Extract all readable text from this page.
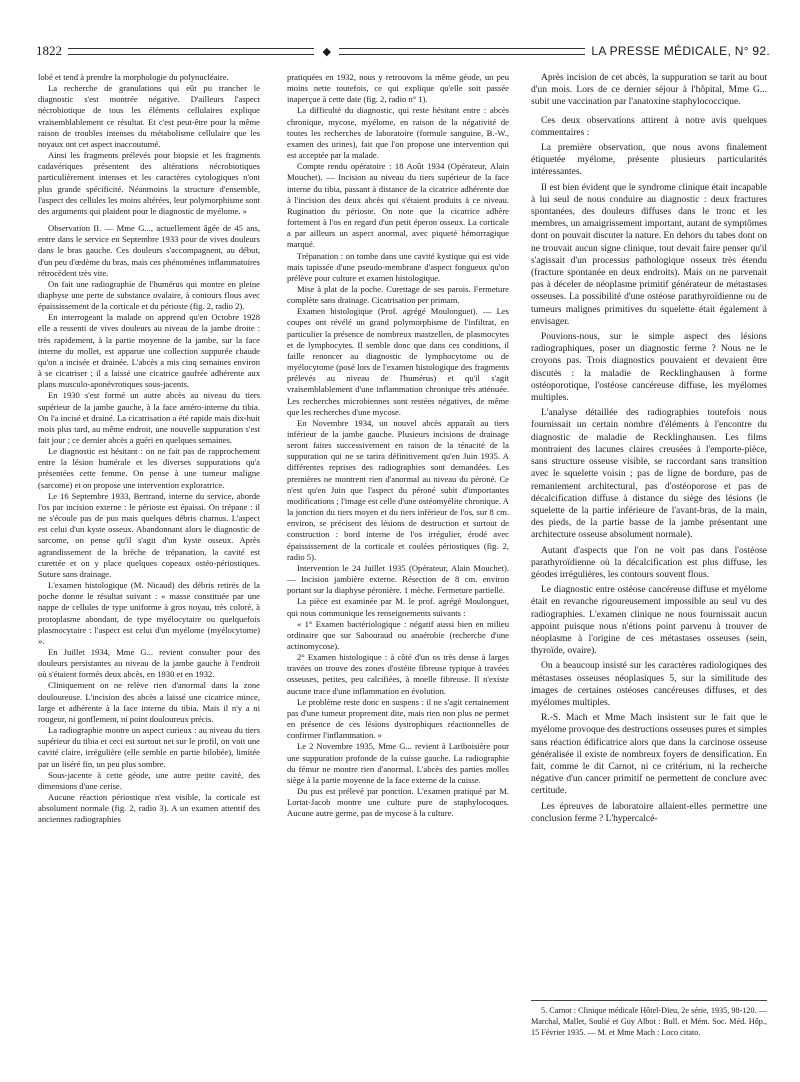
1822	◆	LA PRESSE MÉDICALE, N° 92.

lobé et tend à prendre la morphologie du polynucléaire.

La recherche de granulations qui eût pu trancher le diagnostic s'est montrée négative. D'ailleurs l'aspect nécrobiotique de tous les éléments cellulaires explique vraisemblablement ce résultat. Et c'est peut-être pour la même raison de troubles intenses du métabolisme cellulaire que les noyaux ont cet aspect inaccoutumé.

Ainsi les fragments prélevés pour biopsie et les fragments cadavériques présentent des altérations nécrobiotiques particulièrement intenses et les caractères cytologiques n'ont plus grande spécificité. Néanmoins la structure d'ensemble, l'aspect des cellules les moins altérées, leur polymorphisme sont des arguments qui plaident pour le diagnostic de myélome. »

Observation II. — Mme G..., actuellement âgée de 45 ans, entre dans le service en Septembre 1933 pour de vives douleurs dans le bras gauche. Ces douleurs s'accompagnent, au début, d'un peu d'œdème du bras, mais ces phénomènes inflammatoires rétrocèdent très vite.

On fait une radiographie de l'humérus qui montre en pleine diaphyse une perte de substance ovalaire, à contours flous avec épaississement de la corticale et du périoste (fig. 2, radio 2).

En interrogeant la malade on apprend qu'en Octobre 1928 elle a ressenti de vives douleurs au niveau de la jambe droite : très rapidement, à la partie moyenne de la jambe, sur la face interne du mollet, est apparue une collection suppurée chaude qu'on a incisée et drainée. L'abcès a mis cinq semaines environ à se cicatriser ; il a laissé une cicatrice gaufrée adhérente aux plans musculo-aponévrotiques sous-jacents.

En 1930 s'est formé un autre abcès au niveau du tiers supérieur de la jambe gauche, à la face antéro-interne du tibia. On l'a incisé et drainé. La cicatrisation a été rapide mais dix-huit mois plus tard, au même endroit, une nouvelle suppuration s'est fait jour ; ce dernier abcès a guéri en quelques semaines.

Le diagnostic est hésitant : on ne fait pas de rapprochement entre la lésion humérale et les diverses suppurations qu'a présentées cette femme. On pense à une tumeur maligne (sarcome) et on propose une intervention exploratrice.

Le 16 Septembre 1933, Bertrand, interne du service, aborde l'os par incision externe : le périoste est épaissi. On trépane : il ne s'écoule pas de pus mais quelques débris charnus. L'aspect est celui d'un kyste osseux. Abandonnant alors le diagnostic de sarcome, on pense qu'il s'agit d'un kyste osseux. Après agrandissement de la brèche de trépanation, la cavité est curettée et on y place quelques copeaux ostéo-périostiques. Suture sans drainage.

L'examen histologique (M. Nicaud) des débris retirés de la poche donne le résultat suivant : « masse constituée par une nappe de cellules de type uniforme à gros noyau, très coloré, à protoplasme abondant, de type myélocytaire ou quelquefois plasmocytaire : l'aspect est celui d'un myélome (myélocytome) ».

En Juillet 1934, Mme G... revient consulter pour des douleurs persistantes au niveau de la jambe gauche à l'endroit où s'étaient formés deux abcès, en 1930 et en 1932.

Cliniquement on ne relève rien d'anormal dans la zone douloureuse. L'incision des abcès a laissé une cicatrice mince, large et adhérente à la face interne du tibia. Mais il n'y a ni rougeur, ni gonflement, ni point douloureux précis.

La radiographie montre un aspect curieux : au niveau du tiers supérieur du tibia et ceci est surtout net sur le profil, on voit une cavité claire, irrégulière (elle semble en partie bilobée), limitée par un liséré fin, un peu plus sombre.

Sous-jacente à cette géode, une autre petite cavité, des dimensions d'une cerise.

Aucune réaction périostique n'est visible, la corticale est absolument normale (fig. 2, radio 3). A un examen attentif des anciennes radiographies

pratiquées en 1932, nous y retrouvons la même géode, un peu moins nette toutefois, ce qui explique qu'elle soit passée inaperçue à cette date (fig. 2, radio n° 1).

La difficulté du diagnostic, qui reste hésitant entre : abcès chronique, mycose, myélome, en raison de la négativité de toutes les recherches de laboratoire (formule sanguine, B.-W., examen des urines), fait que l'on propose une intervention qui est acceptée par la malade.

Compte rendu opératoire : 18 Août 1934 (Opérateur, Alain Mouchet). — Incision au niveau du tiers supérieur de la face interne du tibia, passant à distance de la cicatrice adhérente due à l'incision des deux abcès qui s'étaient produits à ce niveau. Rugination du périoste. On note que la cicatrice adhère fortement à l'os en regard d'un petit éperon osseux. La corticale a par ailleurs un aspect anormal, avec piqueté hémorragique marqué.

Trépanation : on tombe dans une cavité kystique qui est vide mais tapissée d'une pseudo-membrane d'aspect fongueux qu'on prélève pour culture et examen histologique.

Mise à plat de la poche. Curettage de ses parois. Fermeture complète sans drainage. Cicatrisation per primam.

Examen histologique (Prof. agrégé Moulonguet). — Les coupes ont révélé un grand polymorphisme de l'infiltrat, en particulier la présence de nombreux mastzellen, de plasmocytes et de lymphocytes. Il semble donc que dans ces conditions, il faille renoncer au diagnostic de lymphocytome ou de myélocytome (posé lors de l'examen histologique des fragments prélevés au niveau de l'humérus) et qu'il s'agit vraisemblablement d'une inflammation chronique très atténuée. Les recherches microbiennes sont restées négatives, de même que les recherches d'une mycose.

En Novembre 1934, un nouvel abcès apparaît au tiers inférieur de la jambe gauche. Plusieurs incisions de drainage seront faites successivement en raison de la ténacité de la suppuration qui ne se tarira définitivement qu'en Juin 1935. A différentes reprises des radiographies sont demandées. Les premières ne montrent rien d'anormal au niveau du péroné. Ce n'est qu'en Juin que l'aspect du péroné subit d'importantes modifications ; l'image est celle d'une ostéomyélite chronique. A la jonction du tiers moyen et du tiers inférieur de l'os, sur 8 cm. environ, se précisent des lésions de destruction et surtout de construction : bord interne de l'os irrégulier, érodé avec épaississement de la corticale et coulées périostiques (fig. 2, radio 5).

Intervention le 24 Juillet 1935 (Opérateur, Alain Mouchet). — Incision jambière externe. Résection de 8 cm. environ portant sur la diaphyse péronière. 1 mèche. Fermeture partielle.

La pièce est examinée par M. le prof. agrégé Moulonguet, qui nous communique les renseignements suivants :

« 1° Examen bactériologique : négatif aussi bien en milieu ordinaire que sur Sabouraud ou anaérobie (recherche d'une actinomycose).

2° Examen histologique : à côté d'un os très dense à larges travées on trouve des zones d'ostéite fibreuse typique à travées osseuses, petites, peu calcifiées, à moelle fibreuse. Il n'existe aucune trace d'une inflammation en évolution.

Le problème reste donc en suspens : il ne s'agit certainement pas d'une tumeur proprement dite, mais rien non plus ne permet en présence de ces lésions dystrophiques réactionnelles de confirmer l'inflammation. »

Le 2 Novembre 1935, Mme G... revient à Lariboisière pour une suppuration profonde de la cuisse gauche. La radiographie du fémur ne montre rien d'anormal. L'abcès des parties molles siège à la partie moyenne de la face externe de la cuisse.

Du pus est prélevé par ponction. L'examen pratiqué par M. Lortat-Jacob montre une culture pure de staphylocoques. Aucune autre germe, pas de mycose à la culture.

Après incision de cet abcès, la suppuration se tarit au bout d'un mois. Lors de ce dernier séjour à l'hôpital, Mme G... subit une vaccination par l'anatoxine staphylococcique.

Ces deux observations attirent à notre avis quelques commentaires :

La première observation, que nous avons finalement étiquetée myélome, présente plusieurs particularités intéressantes.

Il est bien évident que le syndrome clinique était incapable à lui seul de nous conduire au diagnostic : deux fractures spontanées, des douleurs diffuses dans le tronc et les membres, un amaigrissement important, autant de symptômes dont on pouvait discuter la nature. En dehors du tabes dont on ne trouvait aucun signe clinique, tout devait faire penser qu'il s'agissait d'un processus pathologique osseux très étendu (fracture spontanée en deux endroits). Mais on ne parvenait pas à déceler de néoplasme primitif générateur de métastases osseuses. La possibilité d'une ostéose parathyroïdienne ou de tumeurs malignes primitives du squelette était également à envisager.

Pouvions-nous, sur le simple aspect des lésions radiographiques, poser un diagnostic ferme ? Nous ne le croyons pas. Trois diagnostics pouvaient et devaient être discutés : la maladie de Recklinghausen à forme ostéoporotique, l'ostéose cancéreuse diffuse, les myélomes multiples.

L'analyse détaillée des radiographies toutefois nous fournissait un certain nombre d'éléments à l'encontre du diagnostic de maladie de Recklinghausen. Les films montraient des lacunes claires creusées à l'emporte-pièce, sans structure osseuse visible, se raccordant sans transition avec le squelette voisin ; pas de ligne de bordure, pas de remaniement architectural, pas d'ostéoporose et pas de décalcification diffuse à distance du siège des lésions (le squelette de la partie inférieure de l'avant-bras, de la main, des pieds, de la partie basse de la jambe présentant une architecture osseuse absolument normale).

Autant d'aspects que l'on ne voit pas dans l'ostéose parathyroïdienne où la décalcification est plus diffuse, les géodes irrégulières, les contours souvent flous.

Le diagnostic entre ostéose cancéreuse diffuse et myélome était en revanche rigoureusement impossible au seul vu des radiographies. L'examen clinique ne nous fournissait aucun appoint puisque nous n'étions point parvenu à trouver de néoplasme à l'origine de ces métastases osseuses (sein, thyroïde, ovaire).

On a beaucoup insisté sur les caractères radiologiques des métastases osseuses néoplasiques 5, sur la similitude des images de certaines ostéoses cancéreuses diffuses, et des myélomes multiples.

R.-S. Mach et Mme Mach insistent sur le fait que le myélome provoque des destructions osseuses pures et simples sans réaction édificatrice alors que dans la carcinose osseuse généralisée il existe de nombreux foyers de densification. En fait, comme le dit Carnot, ni ce critérium, ni la recherche négative d'un cancer primitif ne permettent de conclure avec certitude.

Les épreuves de laboratoire allaient-elles permettre une conclusion ferme ? L'hypercalcé-

5. Carnot : Clinique médicale Hôtel-Dieu, 2e série, 1935, 98-120. — Marchal, Mallet, Soulié et Guy Albot : Bull. et Mém. Soc. Méd. Hôp., 15 Février 1935. — M. et Mme Mach : Loco citato.
